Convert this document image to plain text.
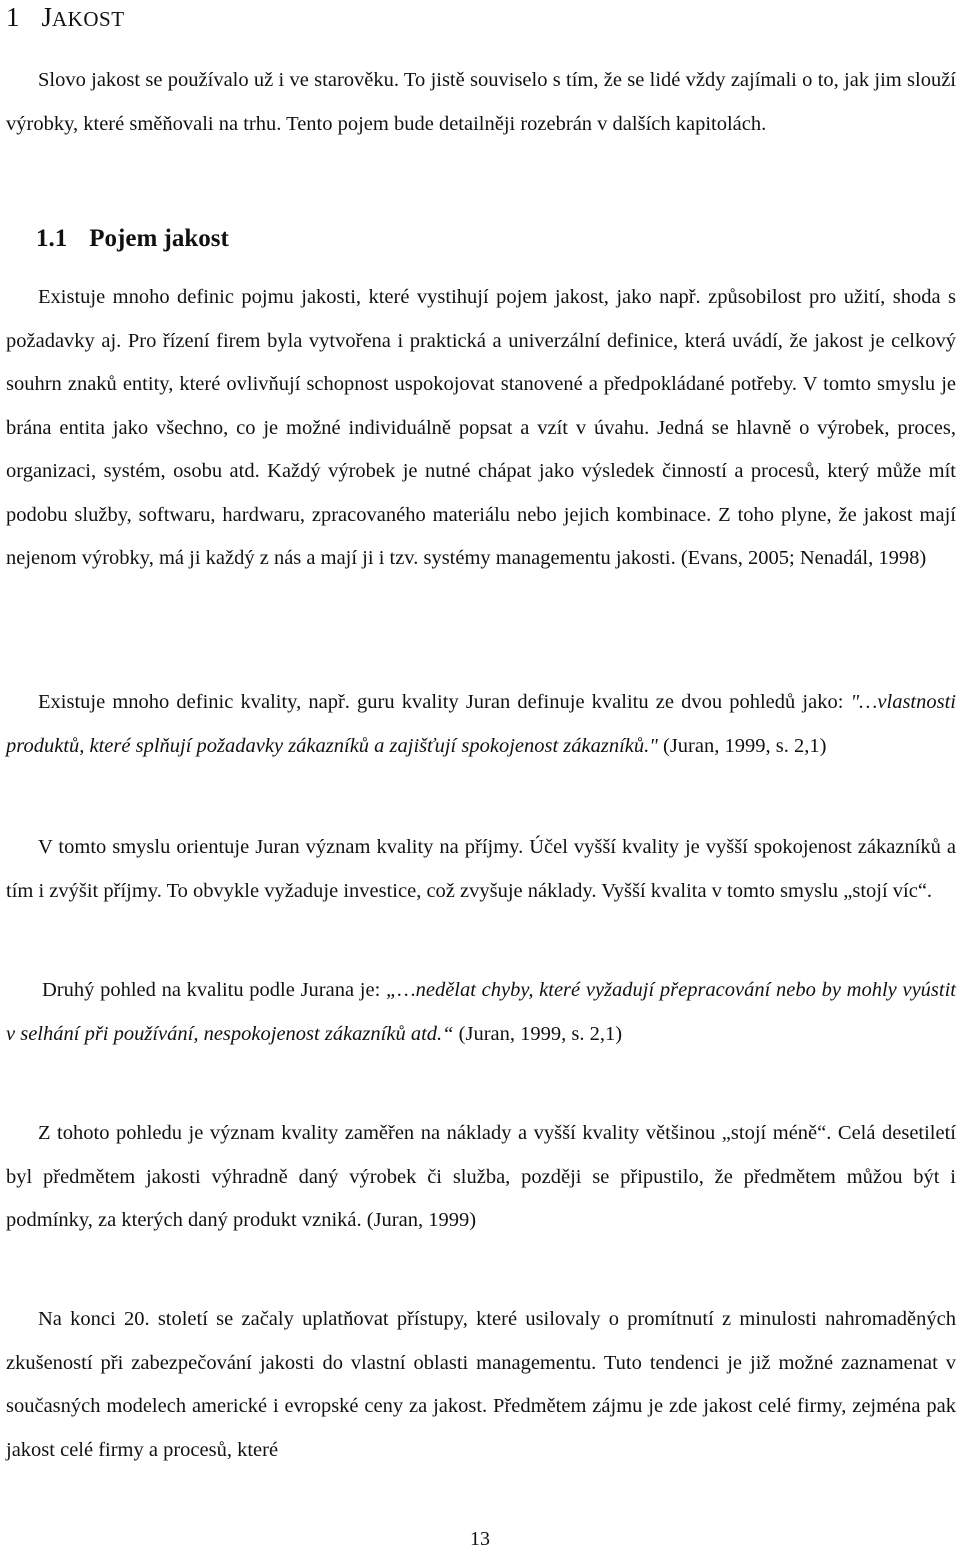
1 JAKOST

Slovo jakost se používalo už i ve starověku. To jistě souviselo s tím, že se lidé vždy zajímali o to, jak jim slouží výrobky, které směňovali na trhu. Tento pojem bude detailněji rozebrán v dalších kapitolách.

1.1 Pojem jakost

Existuje mnoho definic pojmu jakosti, které vystihují pojem jakost, jako např. způsobilost pro užití, shoda s požadavky aj. Pro řízení firem byla vytvořena i praktická a univerzální definice, která uvádí, že jakost je celkový souhrn znaků entity, které ovlivňují schopnost uspokojovat stanovené a předpokládané potřeby. V tomto smyslu je brána entita jako všechno, co je možné individuálně popsat a vzít v úvahu. Jedná se hlavně o výrobek, proces, organizaci, systém, osobu atd. Každý výrobek je nutné chápat jako výsledek činností a procesů, který může mít podobu služby, softwaru, hardwaru, zpracovaného materiálu nebo jejich kombinace. Z toho plyne, že jakost mají nejenom výrobky, má ji každý z nás a mají ji i tzv. systémy managementu jakosti. (Evans, 2005; Nenadál, 1998)

Existuje mnoho definic kvality, např. guru kvality Juran definuje kvalitu ze dvou pohledů jako: "…vlastnosti produktů, které splňují požadavky zákazníků a zajišťují spokojenost zákazníků." (Juran, 1999, s. 2,1)

V tomto smyslu orientuje Juran význam kvality na příjmy. Účel vyšší kvality je vyšší spokojenost zákazníků a tím i zvýšit příjmy. To obvykle vyžaduje investice, což zvyšuje náklady. Vyšší kvalita v tomto smyslu „stojí víc“.

Druhý pohled na kvalitu podle Jurana je: „…nedělat chyby, které vyžadují přepracování nebo by mohly vyústit v selhání při používání, nespokojenost zákazníků atd.“ (Juran, 1999, s. 2,1)

Z tohoto pohledu je význam kvality zaměřen na náklady a vyšší kvality většinou „stojí méně“. Celá desetiletí byl předmětem jakosti výhradně daný výrobek či služba, později se připustilo, že předmětem můžou být i podmínky, za kterých daný produkt vzniká. (Juran, 1999)

Na konci 20. století se začaly uplatňovat přístupy, které usilovaly o promítnutí z minulosti nahromaděných zkušeností při zabezpečování jakosti do vlastní oblasti managementu. Tuto tendenci je již možné zaznamenat v současných modelech americké i evropské ceny za jakost. Předmětem zájmu je zde jakost celé firmy, zejména pak jakost celé firmy a procesů, které

13
